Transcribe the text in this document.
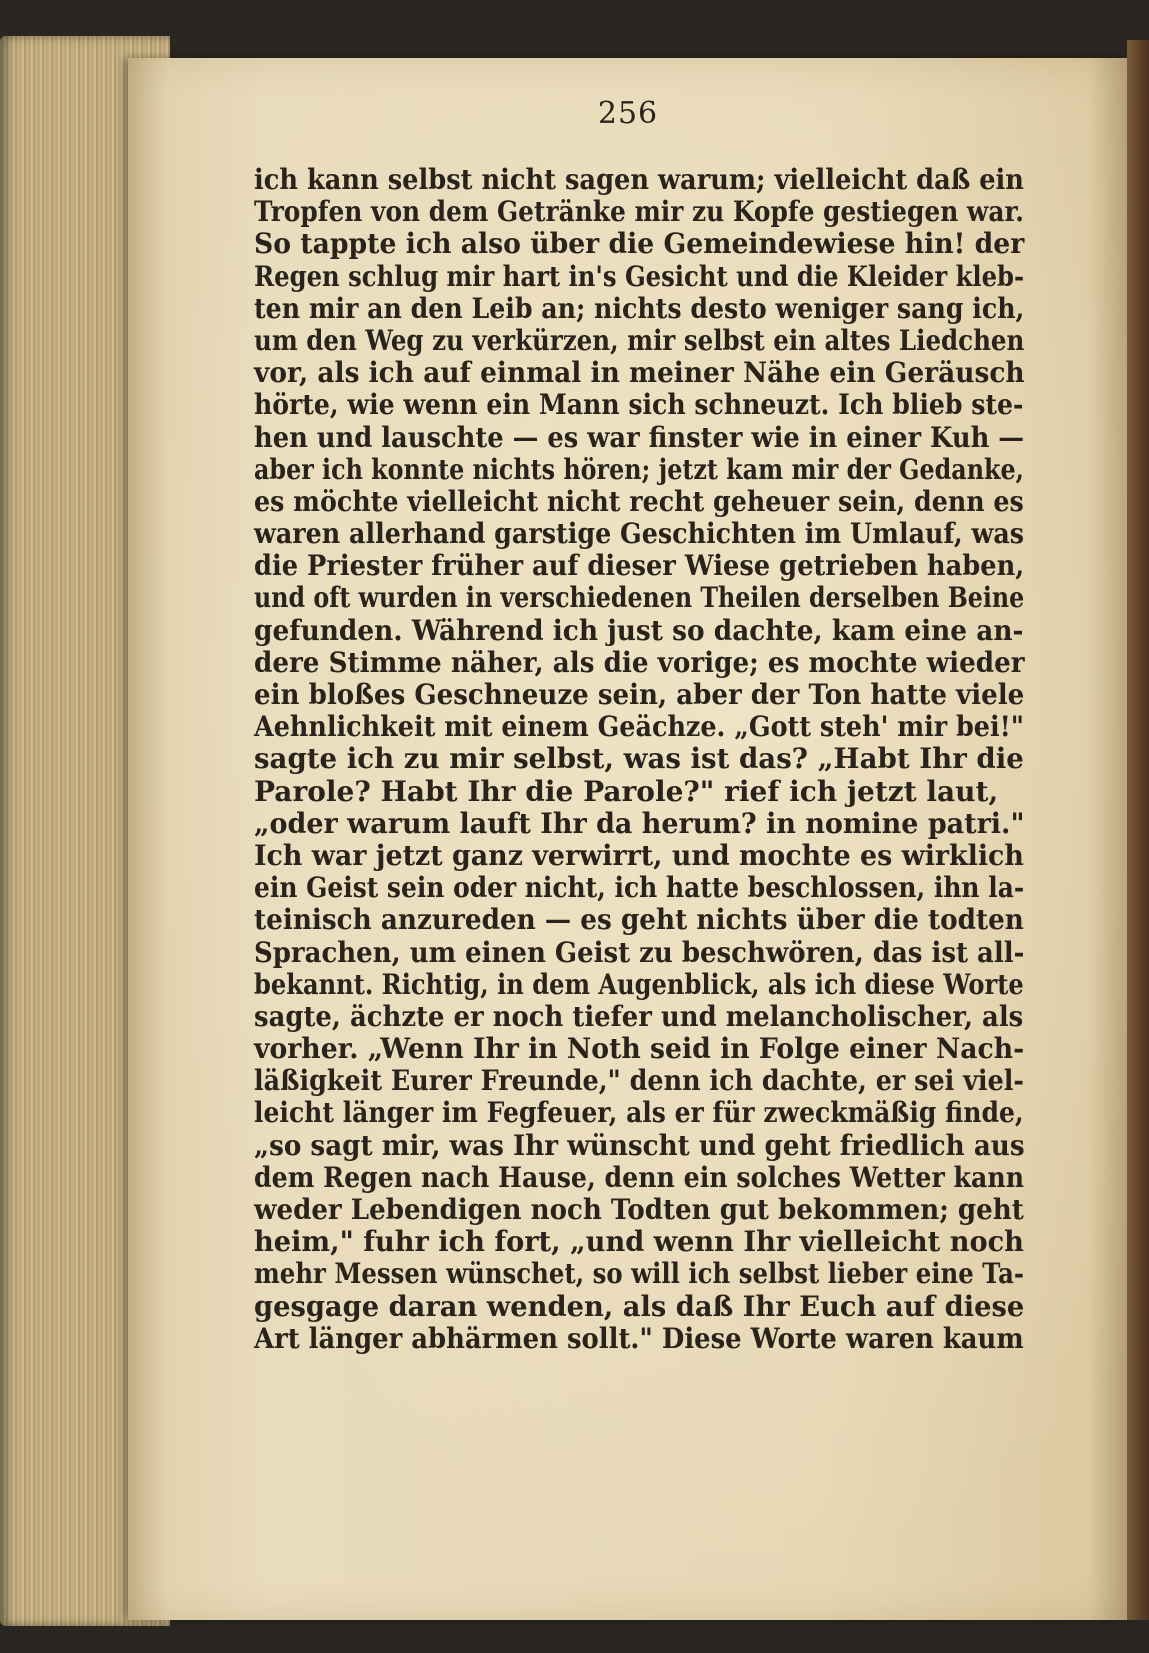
256
ich kann selbst nicht sagen warum; vielleicht daß ein
Tropfen von dem Getränke mir zu Kopfe gestiegen war.
So tappte ich also über die Gemeindewiese hin! der
Regen schlug mir hart in's Gesicht und die Kleider kleb-
ten mir an den Leib an; nichts desto weniger sang ich,
um den Weg zu verkürzen, mir selbst ein altes Liedchen
vor, als ich auf einmal in meiner Nähe ein Geräusch
hörte, wie wenn ein Mann sich schneuzt. Ich blieb ste-
hen und lauschte — es war finster wie in einer Kuh —
aber ich konnte nichts hören; jetzt kam mir der Gedanke,
es möchte vielleicht nicht recht geheuer sein, denn es
waren allerhand garstige Geschichten im Umlauf, was
die Priester früher auf dieser Wiese getrieben haben,
und oft wurden in verschiedenen Theilen derselben Beine
gefunden. Während ich just so dachte, kam eine an-
dere Stimme näher, als die vorige; es mochte wieder
ein bloßes Geschneuze sein, aber der Ton hatte viele
Aehnlichkeit mit einem Geächze. „Gott steh' mir bei!"
sagte ich zu mir selbst, was ist das? „Habt Ihr die
Parole? Habt Ihr die Parole?" rief ich jetzt laut,
„oder warum lauft Ihr da herum? in nomine patri."
Ich war jetzt ganz verwirrt, und mochte es wirklich
ein Geist sein oder nicht, ich hatte beschlossen, ihn la-
teinisch anzureden — es geht nichts über die todten
Sprachen, um einen Geist zu beschwören, das ist all-
bekannt. Richtig, in dem Augenblick, als ich diese Worte
sagte, ächzte er noch tiefer und melancholischer, als
vorher. „Wenn Ihr in Noth seid in Folge einer Nach-
läßigkeit Eurer Freunde," denn ich dachte, er sei viel-
leicht länger im Fegfeuer, als er für zweckmäßig finde,
„so sagt mir, was Ihr wünscht und geht friedlich aus
dem Regen nach Hause, denn ein solches Wetter kann
weder Lebendigen noch Todten gut bekommen; geht
heim," fuhr ich fort, „und wenn Ihr vielleicht noch
mehr Messen wünschet, so will ich selbst lieber eine Ta-
gesgage daran wenden, als daß Ihr Euch auf diese
Art länger abhärmen sollt." Diese Worte waren kaum
